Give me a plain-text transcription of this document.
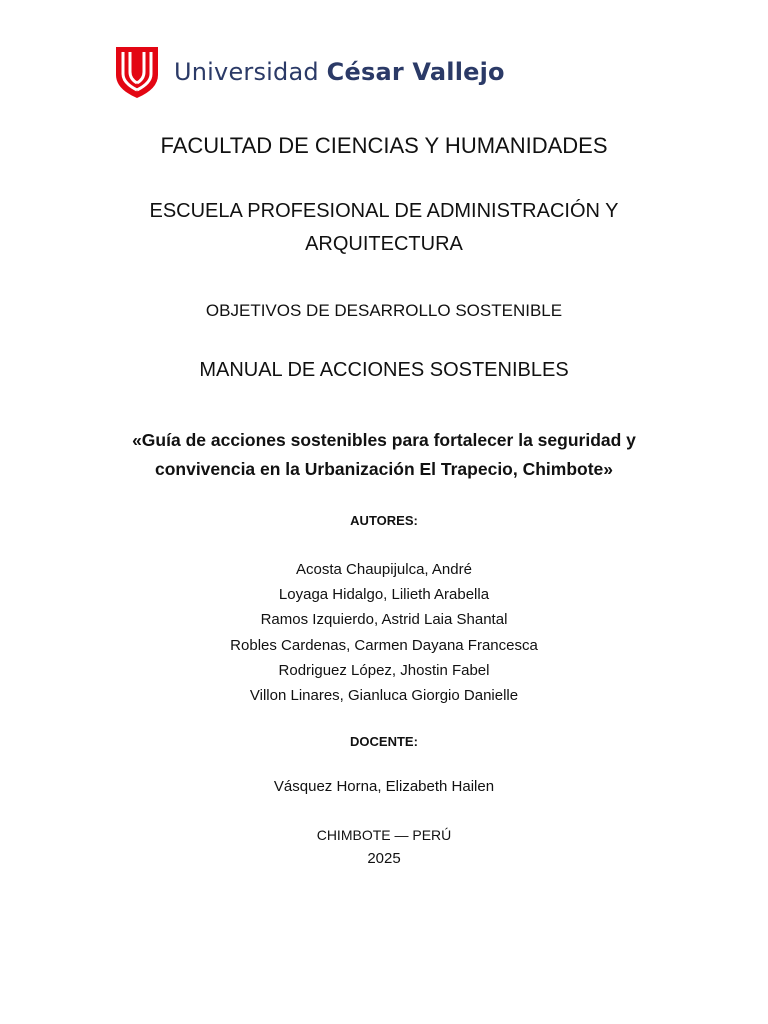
Universidad César Vallejo
FACULTAD DE CIENCIAS Y HUMANIDADES
ESCUELA PROFESIONAL DE ADMINISTRACIÓN Y
ARQUITECTURA
OBJETIVOS DE DESARROLLO SOSTENIBLE
MANUAL DE ACCIONES SOSTENIBLES
«Guía de acciones sostenibles para fortalecer la seguridad y
convivencia en la Urbanización El Trapecio, Chimbote»
AUTORES:
Acosta Chaupijulca, André
Loyaga Hidalgo, Lilieth Arabella
Ramos Izquierdo, Astrid Laia Shantal
Robles Cardenas, Carmen Dayana Francesca
Rodriguez López, Jhostin Fabel
Villon Linares, Gianluca Giorgio Danielle
DOCENTE:
Vásquez Horna, Elizabeth Hailen
CHIMBOTE — PERÚ
2025
